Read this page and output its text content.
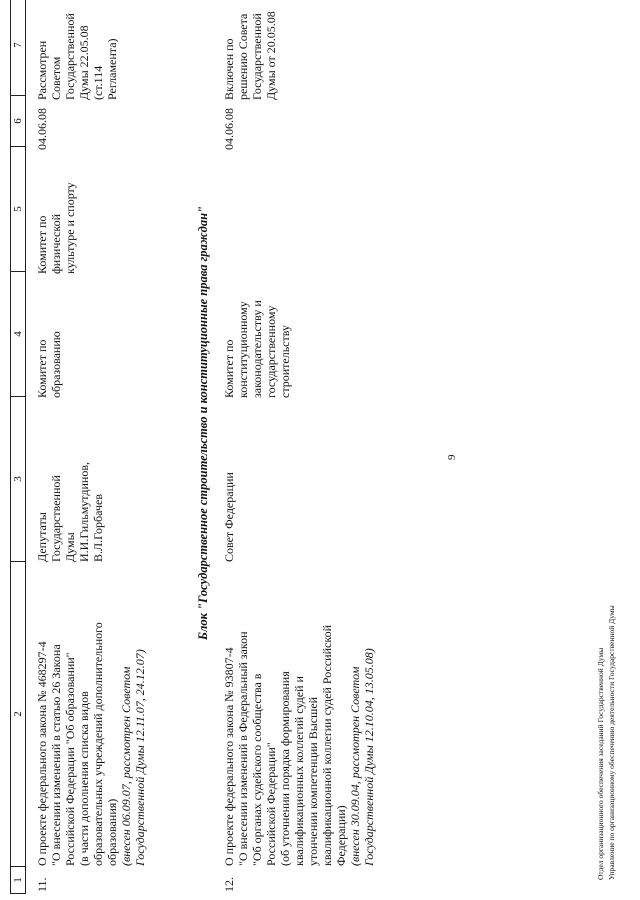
9
1	2	3	4	5	6	7
11.	
О проекте федерального закона № 468297-4
"О внесении изменений в статью 26 Закона
Российской Федерации "Об образовании"
(в части дополнения списка видов
образовательных учреждений дополнительного
образования) (внесен 06.09.07, рассмотрен Советом
Государственной Думы 12.11.07, 24.12.07)
	Депутаты
Государственной
Думы
И.И.Гильмутдинов,
В.Л.Горбачев	Комитет по
образованию	Комитет по
физической
культуре и спорту	04.06.08	Рассмотрен Советом
Государственной
Думы 22.05.08
(ст.114 Регламента)
Блок "Государственное строительство и конституционные права граждан"
12.	
О проекте федерального закона № 93807-4
"О внесении изменений в Федеральный закон
"Об органах судейского сообщества в
Российской Федерации"
(об уточнении порядка формирования
квалификационных коллегий судей и
утончении компетенции Высшей
квалификационной коллегии судей Российской
Федерации) (внесен 30.09.04, рассмотрен Советом
Государственной Думы 12.10.04, 13.05.08)
	Совет Федерации	Комитет по
конституционному
законодательству и
государственному
строительству		04.06.08	Включен по
решению Совета
Государственной
Думы от 20.05.08
Отдел организационного обеспечения заседаний Государственной Думы Управление по организационному обеспечению деятельности Государственной Думы
